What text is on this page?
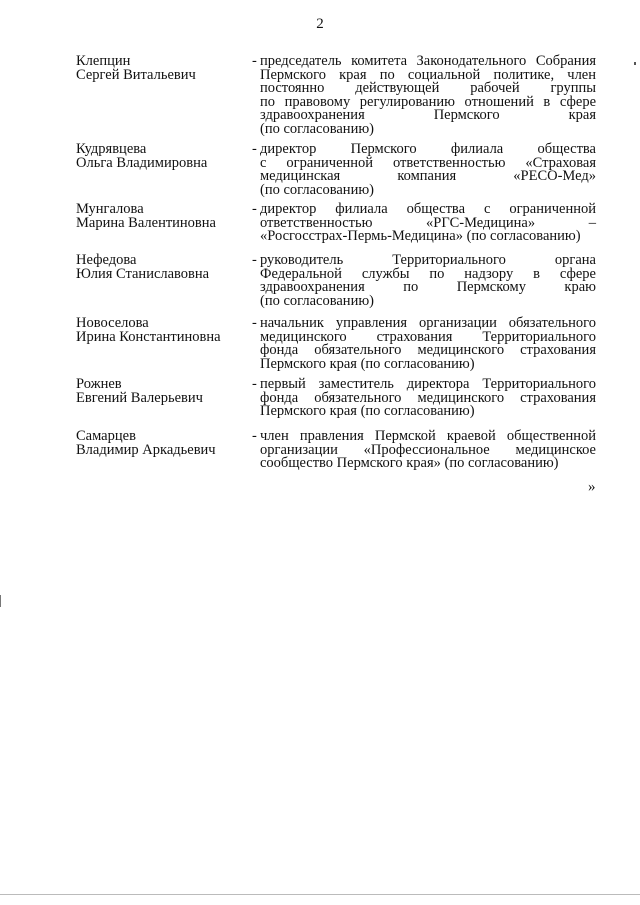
2
Клепцин
Сергей Витальевич
- председатель комитета Законодательного Собрания
Пермского края по социальной политике, член
постоянно действующей рабочей группы
по правовому регулированию отношений в сфере
здравоохранения Пермского края
(по согласованию)
Кудрявцева
Ольга Владимировна
- директор Пермского филиала общества
с ограниченной ответственностью «Страховая
медицинская компания «РЕСО-Мед»
(по согласованию)
Мунгалова
Марина Валентиновна
- директор филиала общества с ограниченной
ответственностью «РГС-Медицина» –
«Росгосстрах-Пермь-Медицина» (по согласованию)
Нефедова
Юлия Станиславовна
- руководитель Территориального органа
Федеральной службы по надзору в сфере
здравоохранения по Пермскому краю
(по согласованию)
Новоселова
Ирина Константиновна
- начальник управления организации обязательного
медицинского страхования Территориального
фонда обязательного медицинского страхования
Пермского края (по согласованию)
Рожнев
Евгений Валерьевич
- первый заместитель директора Территориального
фонда обязательного медицинского страхования
Пермского края (по согласованию)
Самарцев
Владимир Аркадьевич
- член правления Пермской краевой общественной
организации «Профессиональное медицинское
сообщество Пермского края» (по согласованию)
»
